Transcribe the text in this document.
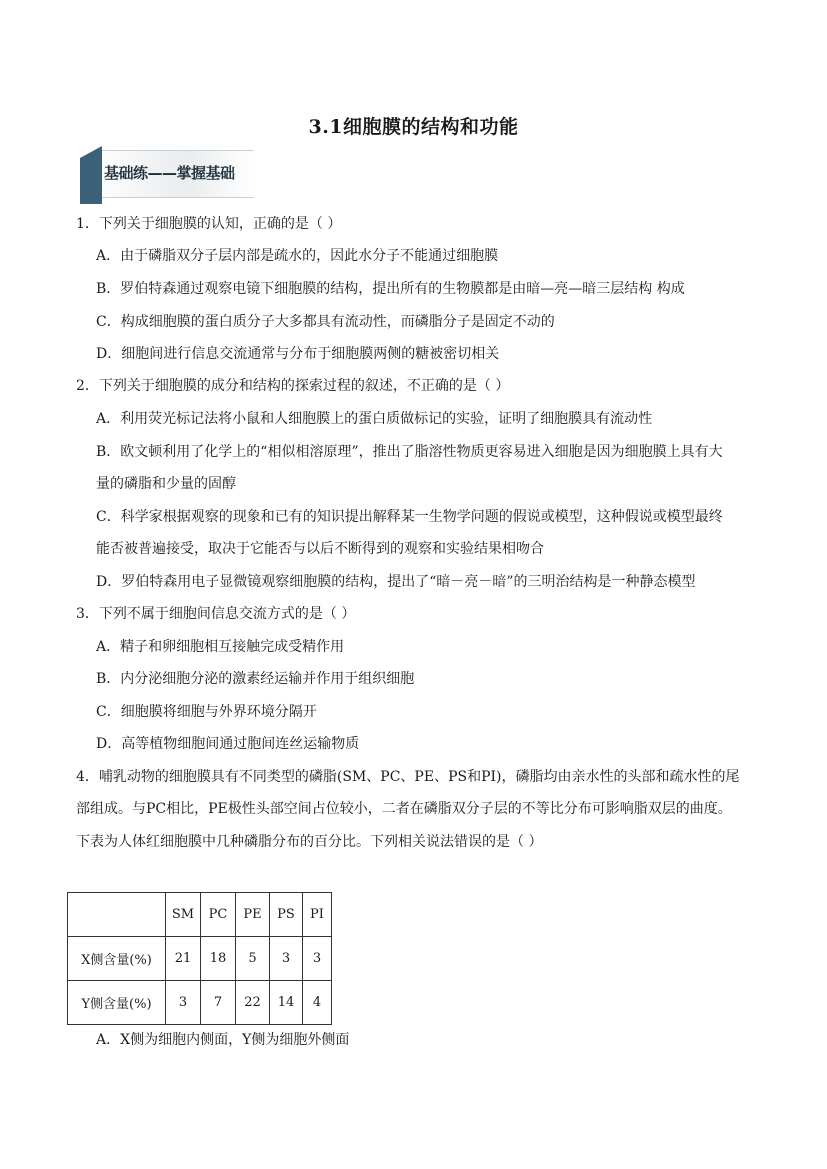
3.1细胞膜的结构和功能
基础练——掌握基础
1．下列关于细胞膜的认知，正确的是（ ）
A．由于磷脂双分子层内部是疏水的，因此水分子不能通过细胞膜
B．罗伯特森通过观察电镜下细胞膜的结构，提出所有的生物膜都是由暗—亮—暗三层结构 构成
C．构成细胞膜的蛋白质分子大多都具有流动性，而磷脂分子是固定不动的
D．细胞间进行信息交流通常与分布于细胞膜两侧的糖被密切相关
2．下列关于细胞膜的成分和结构的探索过程的叙述，不正确的是（ ）
A．利用荧光标记法将小鼠和人细胞膜上的蛋白质做标记的实验，证明了细胞膜具有流动性
B．欧文顿利用了化学上的“相似相溶原理”，推出了脂溶性物质更容易进入细胞是因为细胞膜上具有大
量的磷脂和少量的固醇
C．科学家根据观察的现象和已有的知识提出解释某一生物学问题的假说或模型，这种假说或模型最终
能否被普遍接受，取决于它能否与以后不断得到的观察和实验结果相吻合
D．罗伯特森用电子显微镜观察细胞膜的结构，提出了“暗－亮－暗”的三明治结构是一种静态模型
3．下列不属于细胞间信息交流方式的是（ ）
A．精子和卵细胞相互接触完成受精作用
B．内分泌细胞分泌的激素经运输并作用于组织细胞
C．细胞膜将细胞与外界环境分隔开
D．高等植物细胞间通过胞间连丝运输物质
4．哺乳动物的细胞膜具有不同类型的磷脂(SM、PC、PE、PS和PI)，磷脂均由亲水性的头部和疏水性的尾
部组成。与PC相比，PE极性头部空间占位较小，二者在磷脂双分子层的不等比分布可影响脂双层的曲度。
下表为人体红细胞膜中几种磷脂分布的百分比。下列相关说法错误的是（ ）
	SM	PC	PE	PS	PI
X侧含量(%)	21	18	5	3	3
Y侧含量(%)	3	7	22	14	4
A．X侧为细胞内侧面，Y侧为细胞外侧面
